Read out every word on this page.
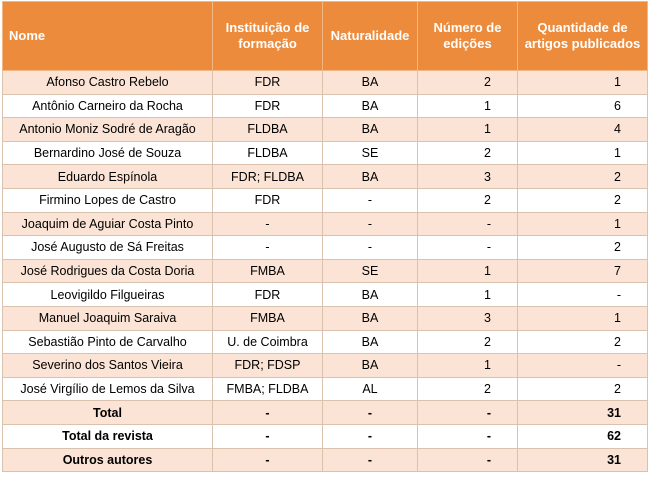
Nome	Instituição de formação	Naturalidade	Número de edições	Quantidade de artigos publicados
Afonso Castro Rebelo	FDR	BA	2	1
Antônio Carneiro da Rocha	FDR	BA	1	6
Antonio Moniz Sodré de Aragão	FLDBA	BA	1	4
Bernardino José de Souza	FLDBA	SE	2	1
Eduardo Espínola	FDR; FLDBA	BA	3	2
Firmino Lopes de Castro	FDR	-	2	2
Joaquim de Aguiar Costa Pinto	-	-	-	1
José Augusto de Sá Freitas	-	-	-	2
José Rodrigues da Costa Doria	FMBA	SE	1	7
Leovigildo Filgueiras	FDR	BA	1	-
Manuel Joaquim Saraiva	FMBA	BA	3	1
Sebastião Pinto de Carvalho	U. de Coimbra	BA	2	2
Severino dos Santos Vieira	FDR; FDSP	BA	1	-
José Virgílio de Lemos da Silva	FMBA; FLDBA	AL	2	2
Total	-	-	-	31
Total da revista	-	-	-	62
Outros autores	-	-	-	31
